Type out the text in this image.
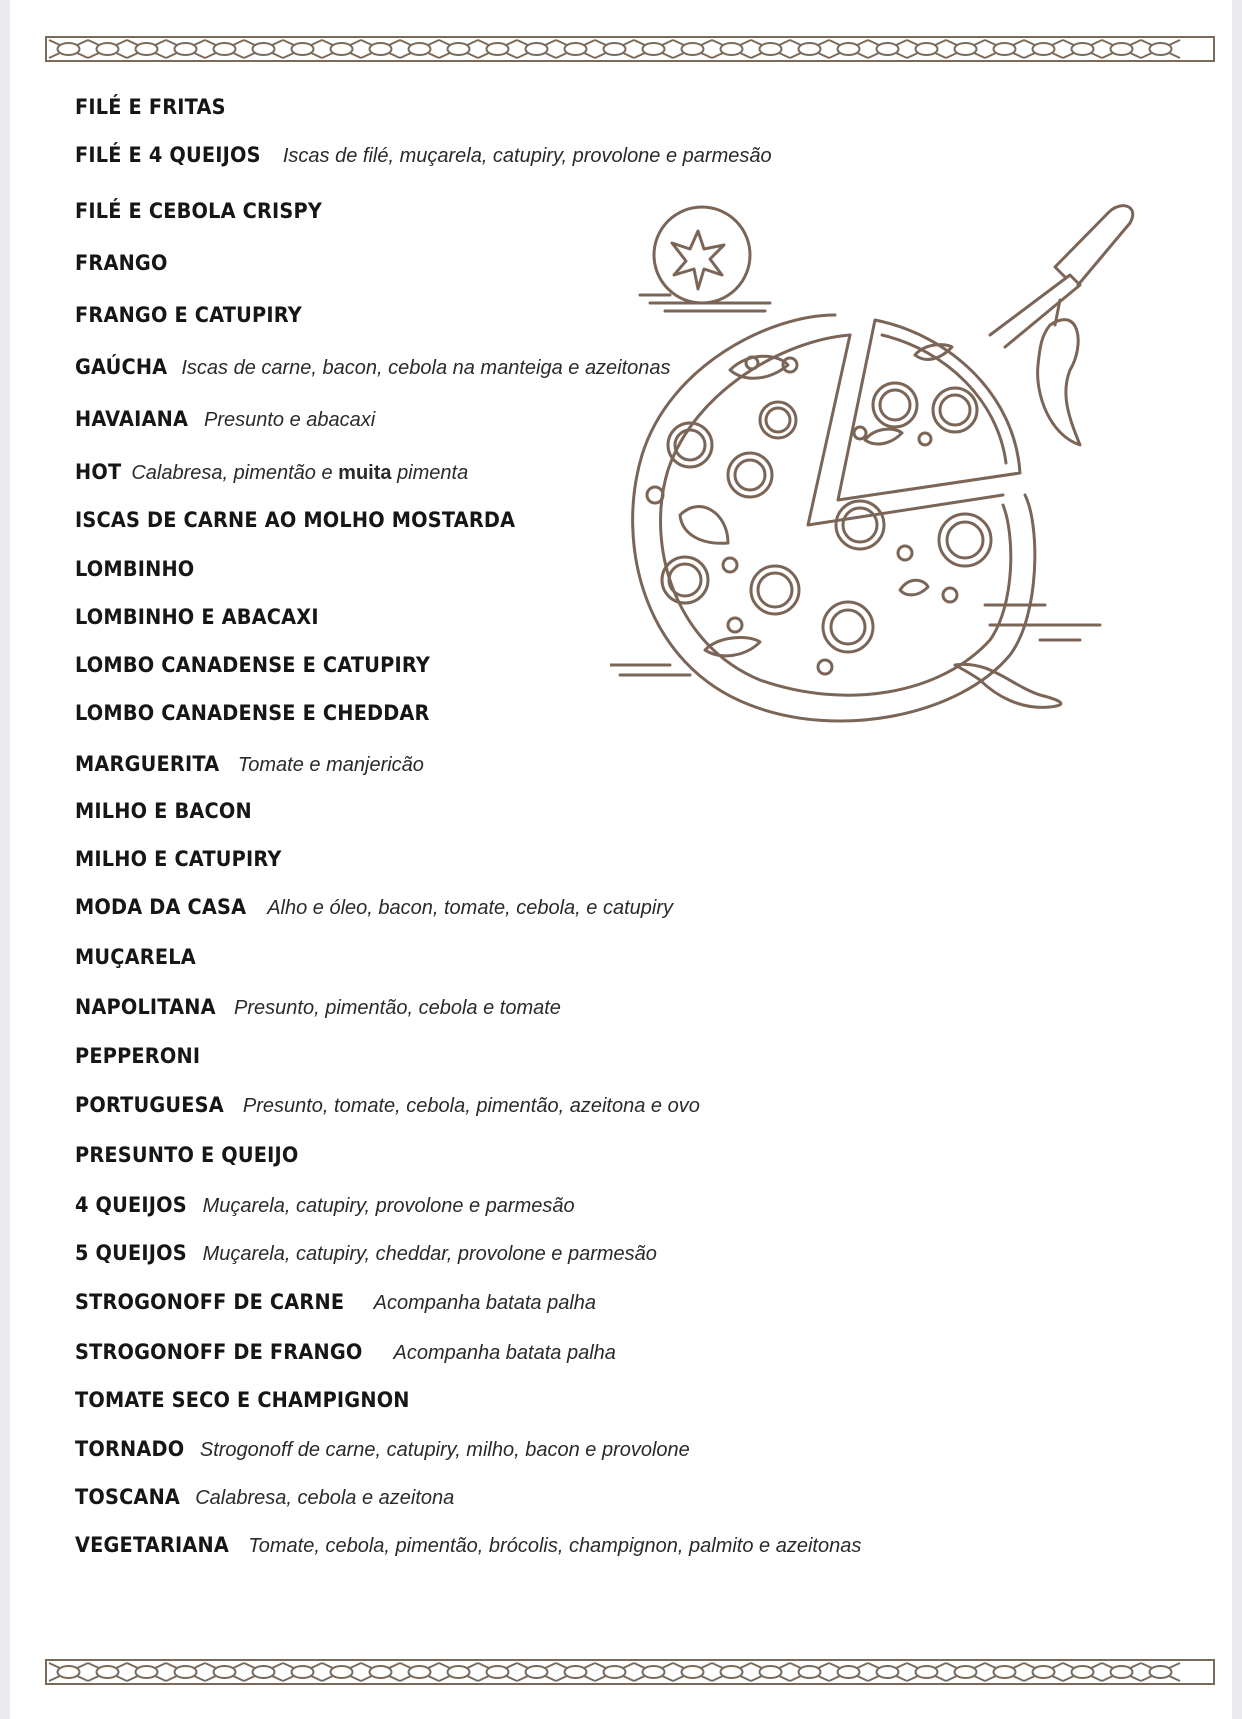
FILÉ E FRITAS
FILÉ E 4 QUEIJOS Iscas de filé, muçarela, catupiry, provolone e parmesão
FILÉ E CEBOLA CRISPY
FRANGO
FRANGO E CATUPIRY
GAÚCHA Iscas de carne, bacon, cebola na manteiga e azeitonas
HAVAIANA Presunto e abacaxi
HOT Calabresa, pimentão e muita pimenta
ISCAS DE CARNE AO MOLHO MOSTARDA
LOMBINHO
LOMBINHO E ABACAXI
LOMBO CANADENSE E CATUPIRY
LOMBO CANADENSE E CHEDDAR
MARGUERITA Tomate e manjericão
MILHO E BACON
MILHO E CATUPIRY
MODA DA CASA Alho e óleo, bacon, tomate, cebola, e catupiry
MUÇARELA
NAPOLITANA Presunto, pimentão, cebola e tomate
PEPPERONI
PORTUGUESA Presunto, tomate, cebola, pimentão, azeitona e ovo
PRESUNTO E QUEIJO
4 QUEIJOS Muçarela, catupiry, provolone e parmesão
5 QUEIJOS Muçarela, catupiry, cheddar, provolone e parmesão
STROGONOFF DE CARNE Acompanha batata palha
STROGONOFF DE FRANGO Acompanha batata palha
TOMATE SECO E CHAMPIGNON
TORNADO Strogonoff de carne, catupiry, milho, bacon e provolone
TOSCANA Calabresa, cebola e azeitona
VEGETARIANA Tomate, cebola, pimentão, brócolis, champignon, palmito e azeitonas
